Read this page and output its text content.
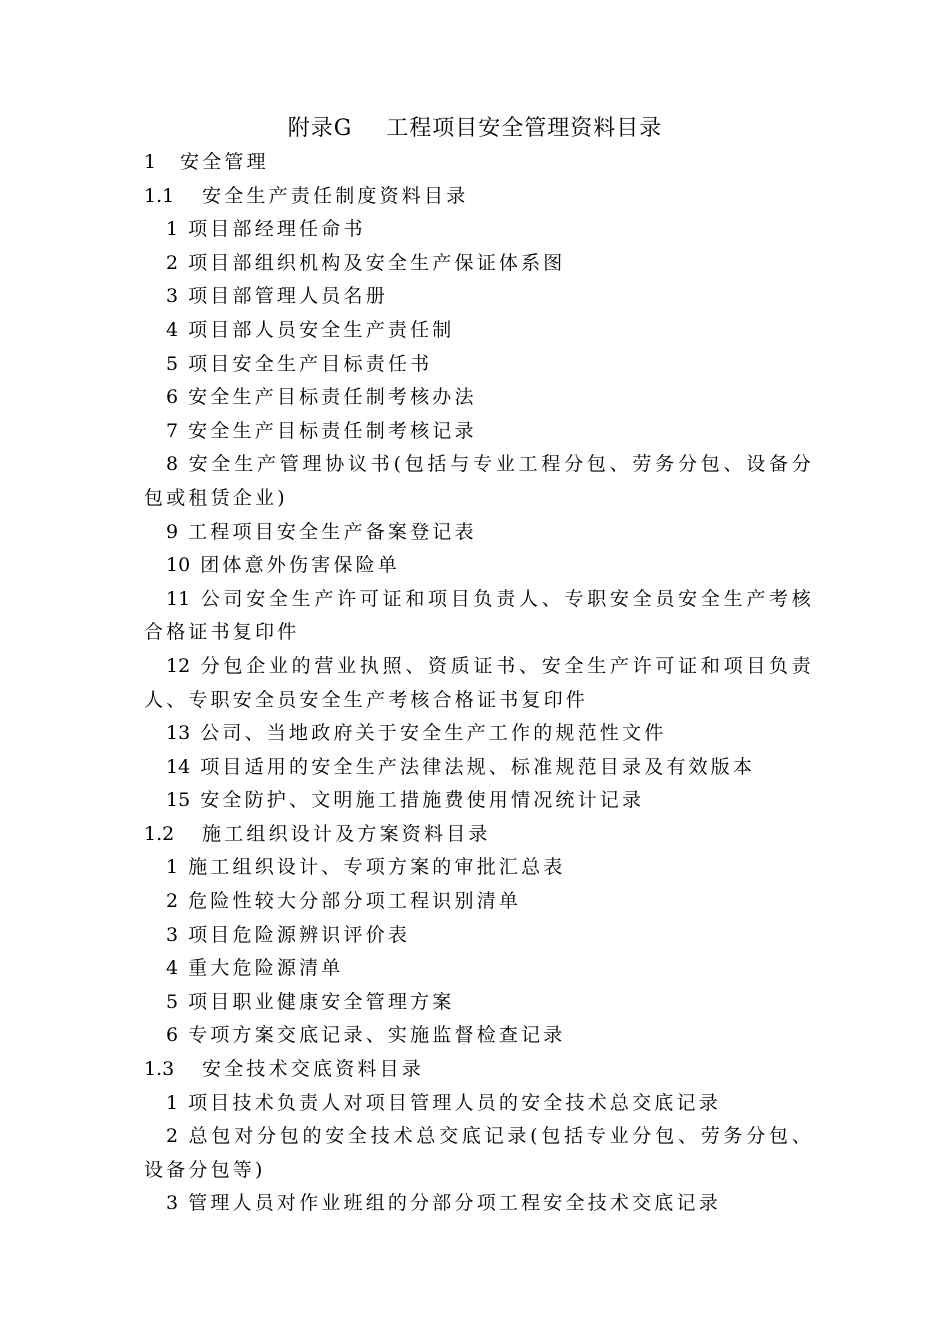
附录G 工程项目安全管理资料目录
1 安全管理
1.1 安全生产责任制度资料目录
1 项目部经理任命书
2 项目部组织机构及安全生产保证体系图
3 项目部管理人员名册
4 项目部人员安全生产责任制
5 项目安全生产目标责任书
6 安全生产目标责任制考核办法
7 安全生产目标责任制考核记录
8 安全生产管理协议书(包括与专业工程分包、劳务分包、设备分包或租赁企业)
9 工程项目安全生产备案登记表
10 团体意外伤害保险单
11 公司安全生产许可证和项目负责人、专职安全员安全生产考核合格证书复印件
12 分包企业的营业执照、资质证书、安全生产许可证和项目负责人、专职安全员安全生产考核合格证书复印件
13 公司、当地政府关于安全生产工作的规范性文件
14 项目适用的安全生产法律法规、标准规范目录及有效版本
15 安全防护、文明施工措施费使用情况统计记录
1.2 施工组织设计及方案资料目录
1 施工组织设计、专项方案的审批汇总表
2 危险性较大分部分项工程识别清单
3 项目危险源辨识评价表
4 重大危险源清单
5 项目职业健康安全管理方案
6 专项方案交底记录、实施监督检查记录
1.3 安全技术交底资料目录
1 项目技术负责人对项目管理人员的安全技术总交底记录
2 总包对分包的安全技术总交底记录(包括专业分包、劳务分包、设备分包等)
3 管理人员对作业班组的分部分项工程安全技术交底记录
